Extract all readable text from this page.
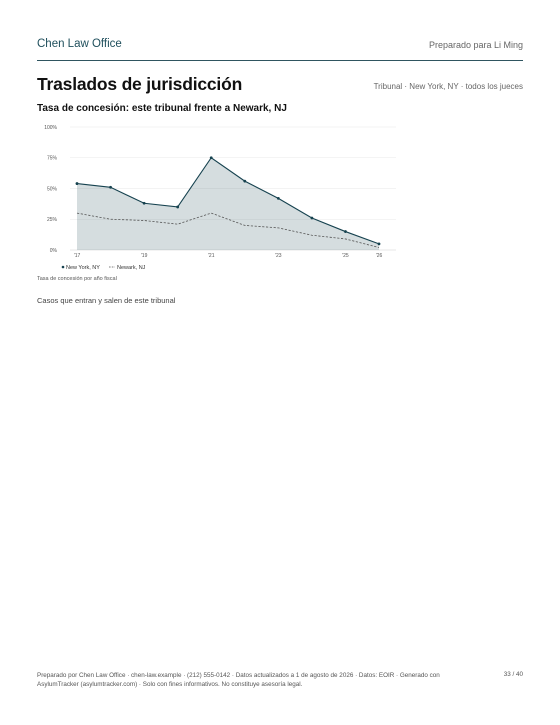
Chen Law Office	Preparado para Li Ming
Traslados de jurisdicción	Tribunal · New York, NY · todos los jueces
Tasa de concesión: este tribunal frente a Newark, NJ
100%
75%
50%
25%
0%
'17	'19	'21	'23	'25	'26
New York, NY	Newark, NJ
Tasa de concesión por año fiscal
Casos que entran y salen de este tribunal
Preparado por Chen Law Office · chen-law.example · (212) 555-0142 · Datos actualizados a 1 de agosto de 2026 · Datos: EOIR · Generado con AsylumTracker (asylumtracker.com) · Solo con fines informativos. No constituye asesoría legal.
33 / 40
